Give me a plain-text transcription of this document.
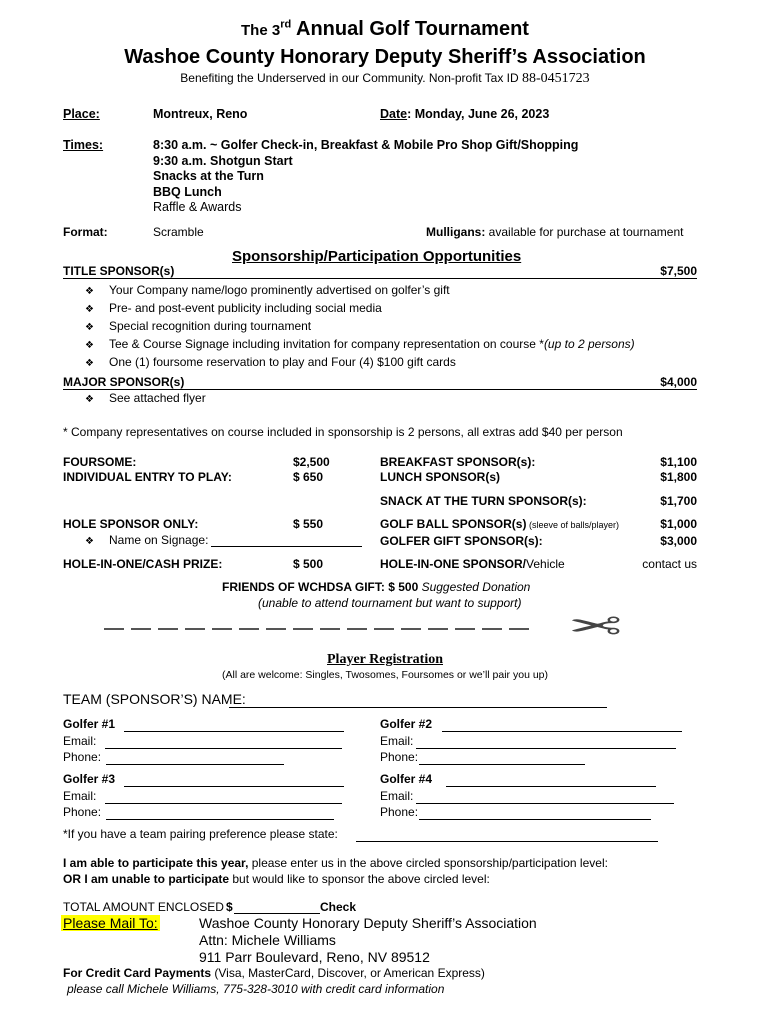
The 3rd Annual Golf Tournament
Washoe County Honorary Deputy Sheriff’s Association
Benefiting the Underserved in our Community. Non-profit Tax ID 88-0451723
Place:	Montreux, Reno	Date: Monday, June 26, 2023
Times:	8:30 a.m. ~ Golfer Check-in, Breakfast & Mobile Pro Shop Gift/Shopping
9:30 a.m. Shotgun Start
Snacks at the Turn
BBQ Lunch
Raffle & Awards
Format:	Scramble	Mulligans: available for purchase at tournament
Sponsorship/Participation Opportunities
TITLE SPONSOR(s)	$7,500
❖ Your Company name/logo prominently advertised on golfer’s gift
❖ Pre- and post-event publicity including social media
❖ Special recognition during tournament
❖ Tee & Course Signage including invitation for company representation on course *(up to 2 persons)
❖ One (1) foursome reservation to play and Four (4) $100 gift cards
MAJOR SPONSOR(s)	$4,000
❖ See attached flyer
* Company representatives on course included in sponsorship is 2 persons, all extras add $40 per person
FOURSOME:	$2,500
INDIVIDUAL ENTRY TO PLAY:	$ 650
BREAKFAST SPONSOR(s):	$1,100
LUNCH SPONSOR(s)	$1,800
SNACK AT THE TURN SPONSOR(s):	$1,700
HOLE SPONSOR ONLY:	$ 550
❖ Name on Signage:
GOLF BALL SPONSOR(s) (sleeve of balls/player)	$1,000
GOLFER GIFT SPONSOR(s):	$3,000
HOLE-IN-ONE/CASH PRIZE:	$ 500	HOLE-IN-ONE SPONSOR/Vehicle	contact us
FRIENDS OF WCHDSA GIFT: $ 500 Suggested Donation
(unable to attend tournament but want to support)
✂
Player Registration
(All are welcome: Singles, Twosomes, Foursomes or we’ll pair you up)
TEAM (SPONSOR’S) NAME:
Golfer #1
Email:
Phone:
Golfer #2
Email:
Phone:
Golfer #3
Email:
Phone:
Golfer #4
Email:
Phone:
*If you have a team pairing preference please state:
I am able to participate this year, please enter us in the above circled sponsorship/participation level:
OR I am unable to participate but would like to sponsor the above circled level:
TOTAL AMOUNT ENCLOSED $	Check
Please Mail To:	Washoe County Honorary Deputy Sheriff’s Association
Attn: Michele Williams
911 Parr Boulevard, Reno, NV 89512
For Credit Card Payments (Visa, MasterCard, Discover, or American Express)
please call Michele Williams, 775-328-3010 with credit card information
